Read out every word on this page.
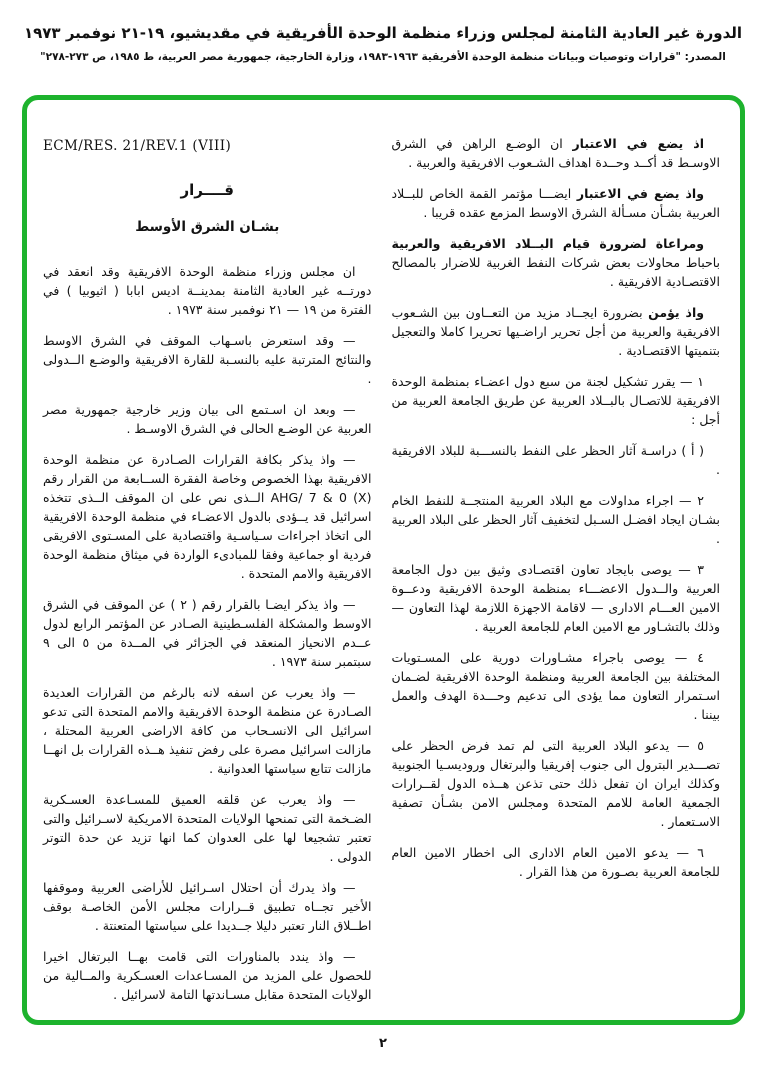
الدورة غير العادية الثامنة لمجلس وزراء منظمة الوحدة الأفريقية في مقديشيو، ١٩-٢١ نوفمبر ١٩٧٣
المصدر: "قرارات وتوصيات وبيانات منظمة الوحدة الأفريقية ١٩٦٣-١٩٨٣، وزارة الخارجية، جمهورية مصر العربية، ط ١٩٨٥، ص ٢٧٣-٢٧٨"
ECM/RES. 21/REV.1 (VIII)
قــــرار
بشـان الشرق الأوسط

ان مجلس وزراء منظمة الوحدة الافريقية وقد انعقد في دورتــه غير العادية الثامنة بمدينــة اديس ابابا ( اثيوبيا ) في الفترة من ١٩ — ٢١ نوفمبر سنة ١٩٧٣ .

— وقد استعرض باسـهاب الموقف في الشرق الاوسط والنتائج المترتبة عليه بالنسـبة للقارة الافريقية والوضـع الــدولى .

— وبعد ان اسـتمع الى بيان وزير خارجية جمهورية مصر العربية عن الوضـع الحالى في الشرق الاوسـط .

— واذ يذكر بكافة القرارات الصـادرة عن منظمة الوحدة الافريقية بهذا الخصوص وخاصة الفقرة الســابعة من القرار رقم ‎AHG/ 7 & 0 (X)‎ الــذى نص على ان الموقف الــذى تتخذه اسرائيل قد يــؤدى بالدول الاعضـاء في منظمة الوحدة الافريقية الى اتخاذ اجراءات سـياسـية واقتصادية على المسـتوى الافريقى فردية او جماعية وفقا للمبادىء الواردة في ميثاق منظمة الوحدة الافريقية والامم المتحدة .

— واذ يذكر ايضـا بالقرار رقم ( ٢ ) عن الموقف في الشرق الاوسط والمشكلة الفلسـطينية الصـادر عن المؤتمر الرابع لدول عــدم الانحياز المنعقد في الجزائر في المــدة من ٥ الى ٩ سبتمبر سنة ١٩٧٣ .

— واذ يعرب عن اسفه لانه بالرغم من القرارات العديدة الصـادرة عن منظمة الوحدة الافريقية والامم المتحدة التى تدعو اسرائيل الى الانسـحاب من كافة الاراضى العربية المحتلة ، مازالت اسرائيل مصرة على رفض تنفيذ هــذه القرارات بل انهــا مازالت تتابع سياستها العدوانية .

— واذ يعرب عن قلقه العميق للمسـاعدة العسـكرية الضـخمة التى تمنحها الولايات المتحدة الامريكية لاسـرائيل والتى تعتبر تشجيعا لها على العدوان كما انها تزيد عن حدة التوتر الدولى .

— واذ يدرك أن احتلال اسـرائيل للأراضى العربية وموقفها الأخير تجــاه تطبيق قــرارات مجلس الأمن الخاصـة بوقف اطــلاق النار تعتبر دليلا جــديدا على سياستها المتعنتة .

— واذ يندد بالمناورات التى قامت بهــا البرتغال اخيرا للحصول على المزيد من المسـاعدات العسـكرية والمــالية من الولايات المتحدة مقابل مسـاندتها التامة لاسرائيل .

اذ يضع في الاعتبار ان الوضـع الراهن في الشرق الاوسـط قد أكــد وحــدة اهداف الشـعوب الافريقية والعربية .

واذ يضع في الاعتبار ايضـــا مؤتمر القمة الخاص للبــلاد العربية بشـأن مسـألة الشرق الاوسط المزمع عقده قريبا .

ومراعاة لضرورة قيام البــلاد الافريقية والعربية باحباط محاولات بعض شركات النفط الغربية للاضرار بالمصالح الاقتصـادية الافريقية .

واذ يؤمن بضرورة ايجــاد مزيد من التعــاون بين الشـعوب الافريقية والعربية من أجل تحرير اراضـيها تحريرا كاملا والتعجيل بتنميتها الاقتصـادية .

١ — يقرر تشكيل لجنة من سبع دول اعضـاء بمنظمة الوحدة الافريقية للاتصـال بالبــلاد العربية عن طريق الجامعة العربية من أجل :

( أ ) دراسـة آثار الحظر على النفط بالنســـبة للبلاد الافريقية .

٢ — اجراء مداولات مع البلاد العربية المنتجــة للنفط الخام بشـان ايجاد افضـل السـبل لتخفيف آثار الحظر على البلاد العربية .

٣ — يوصى بايجاد تعاون اقتصـادى وثيق بين دول الجامعة العربية والــدول الاعضـــاء بمنظمة الوحدة الافريقية ودعــوة الامين العـــام الادارى — لاقامة الاجهزة اللازمة لهذا التعاون — وذلك بالتشـاور مع الامين العام للجامعة العربية .

٤ — يوصى باجراء مشـاورات دورية على المسـتويات المختلفة بين الجامعة العربية ومنظمة الوحدة الافريقية لضـمان اسـتمرار التعاون مما يؤدى الى تدعيم وحـــدة الهدف والعمل بيننا .

٥ — يدعو البلاد العربية التى لم تمد فرض الحظر على تصـــدير البترول الى جنوب إفريقيا والبرتغال وروديسـيا الجنوبية وكذلك ايران ان تفعل ذلك حتى تذعن هــذه الدول لقــرارات الجمعية العامة للامم المتحدة ومجلس الامن بشـأن تصفية الاسـتعمار .

٦ — يدعو الامين العام الادارى الى اخطار الامين العام للجامعة العربية بصـورة من هذا القرار .

٢
